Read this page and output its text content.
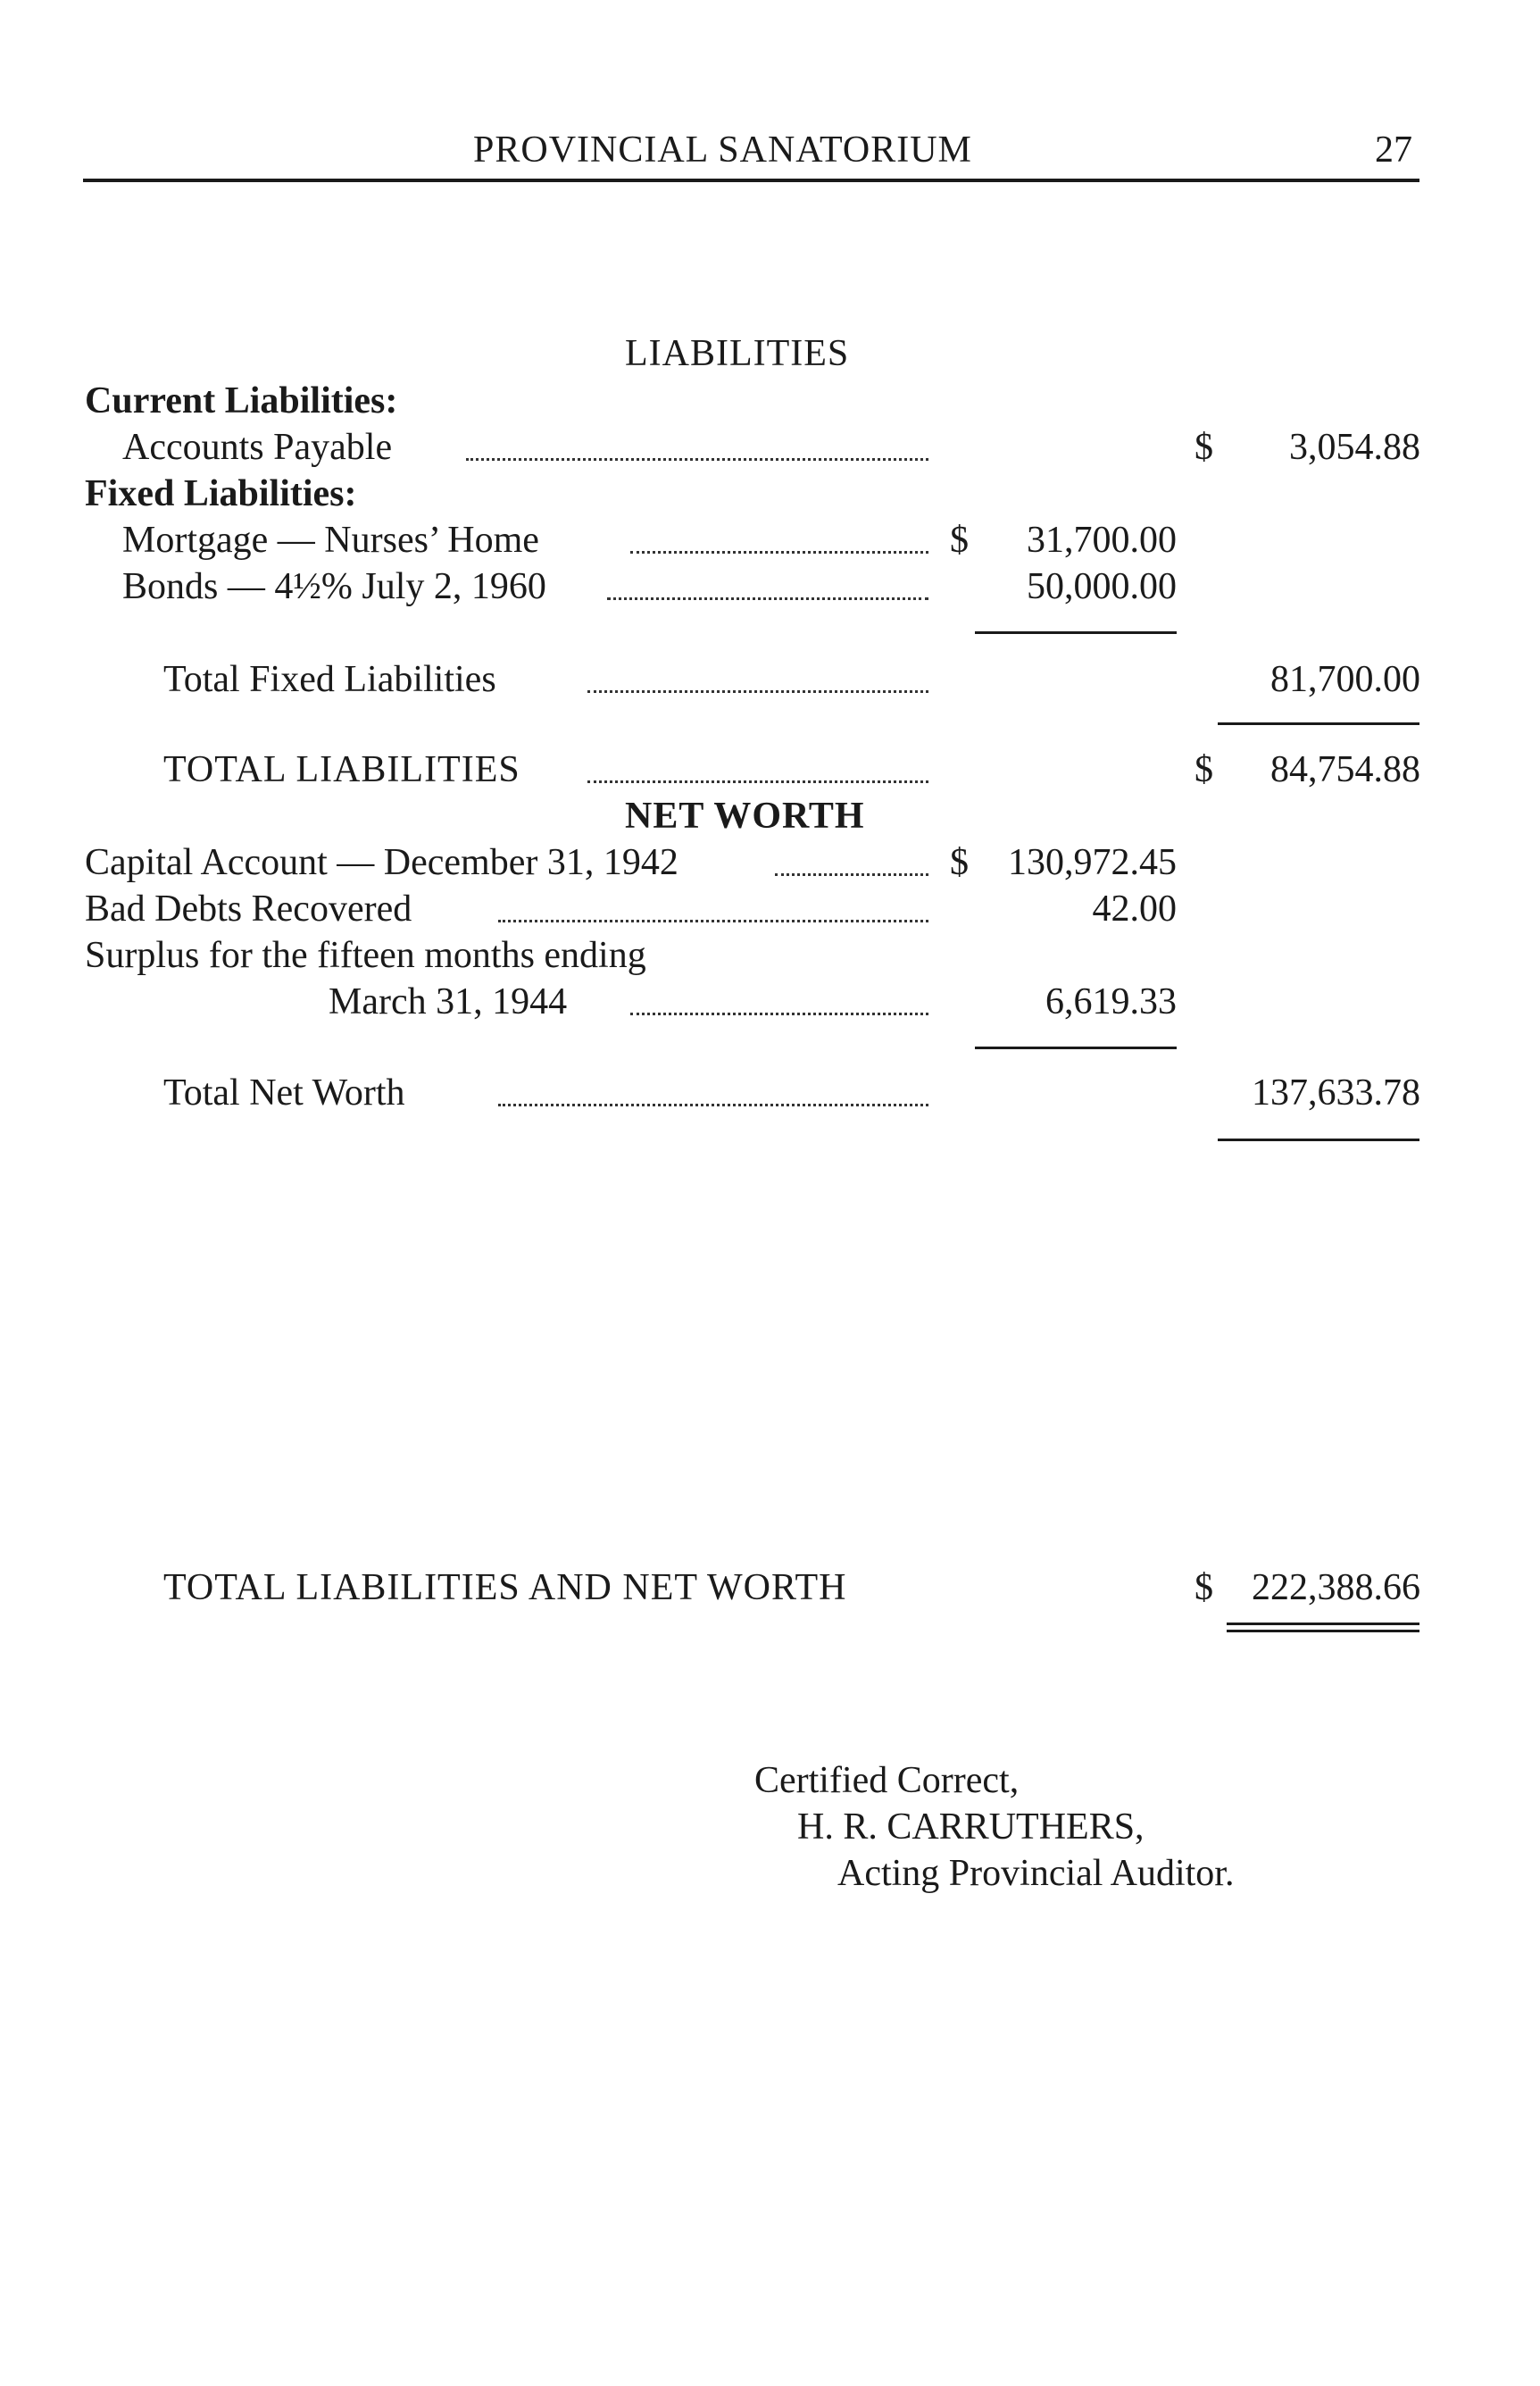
PROVINCIAL SANATORIUM	27
LIABILITIES
Current Liabilities:
Accounts Payable	$ 3,054.88
Fixed Liabilities:
Mortgage — Nurses’ Home	$ 31,700.00
Bonds — 4½% July 2, 1960	50,000.00
Total Fixed Liabilities	81,700.00
TOTAL LIABILITIES	$ 84,754.88
NET WORTH
Capital Account — December 31, 1942	$ 130,972.45
Bad Debts Recovered	42.00
Surplus for the fifteen months ending
March 31, 1944	6,619.33
Total Net Worth	137,633.78
TOTAL LIABILITIES AND NET WORTH	$ 222,388.66
Certified Correct,
H. R. CARRUTHERS,
Acting Provincial Auditor.
